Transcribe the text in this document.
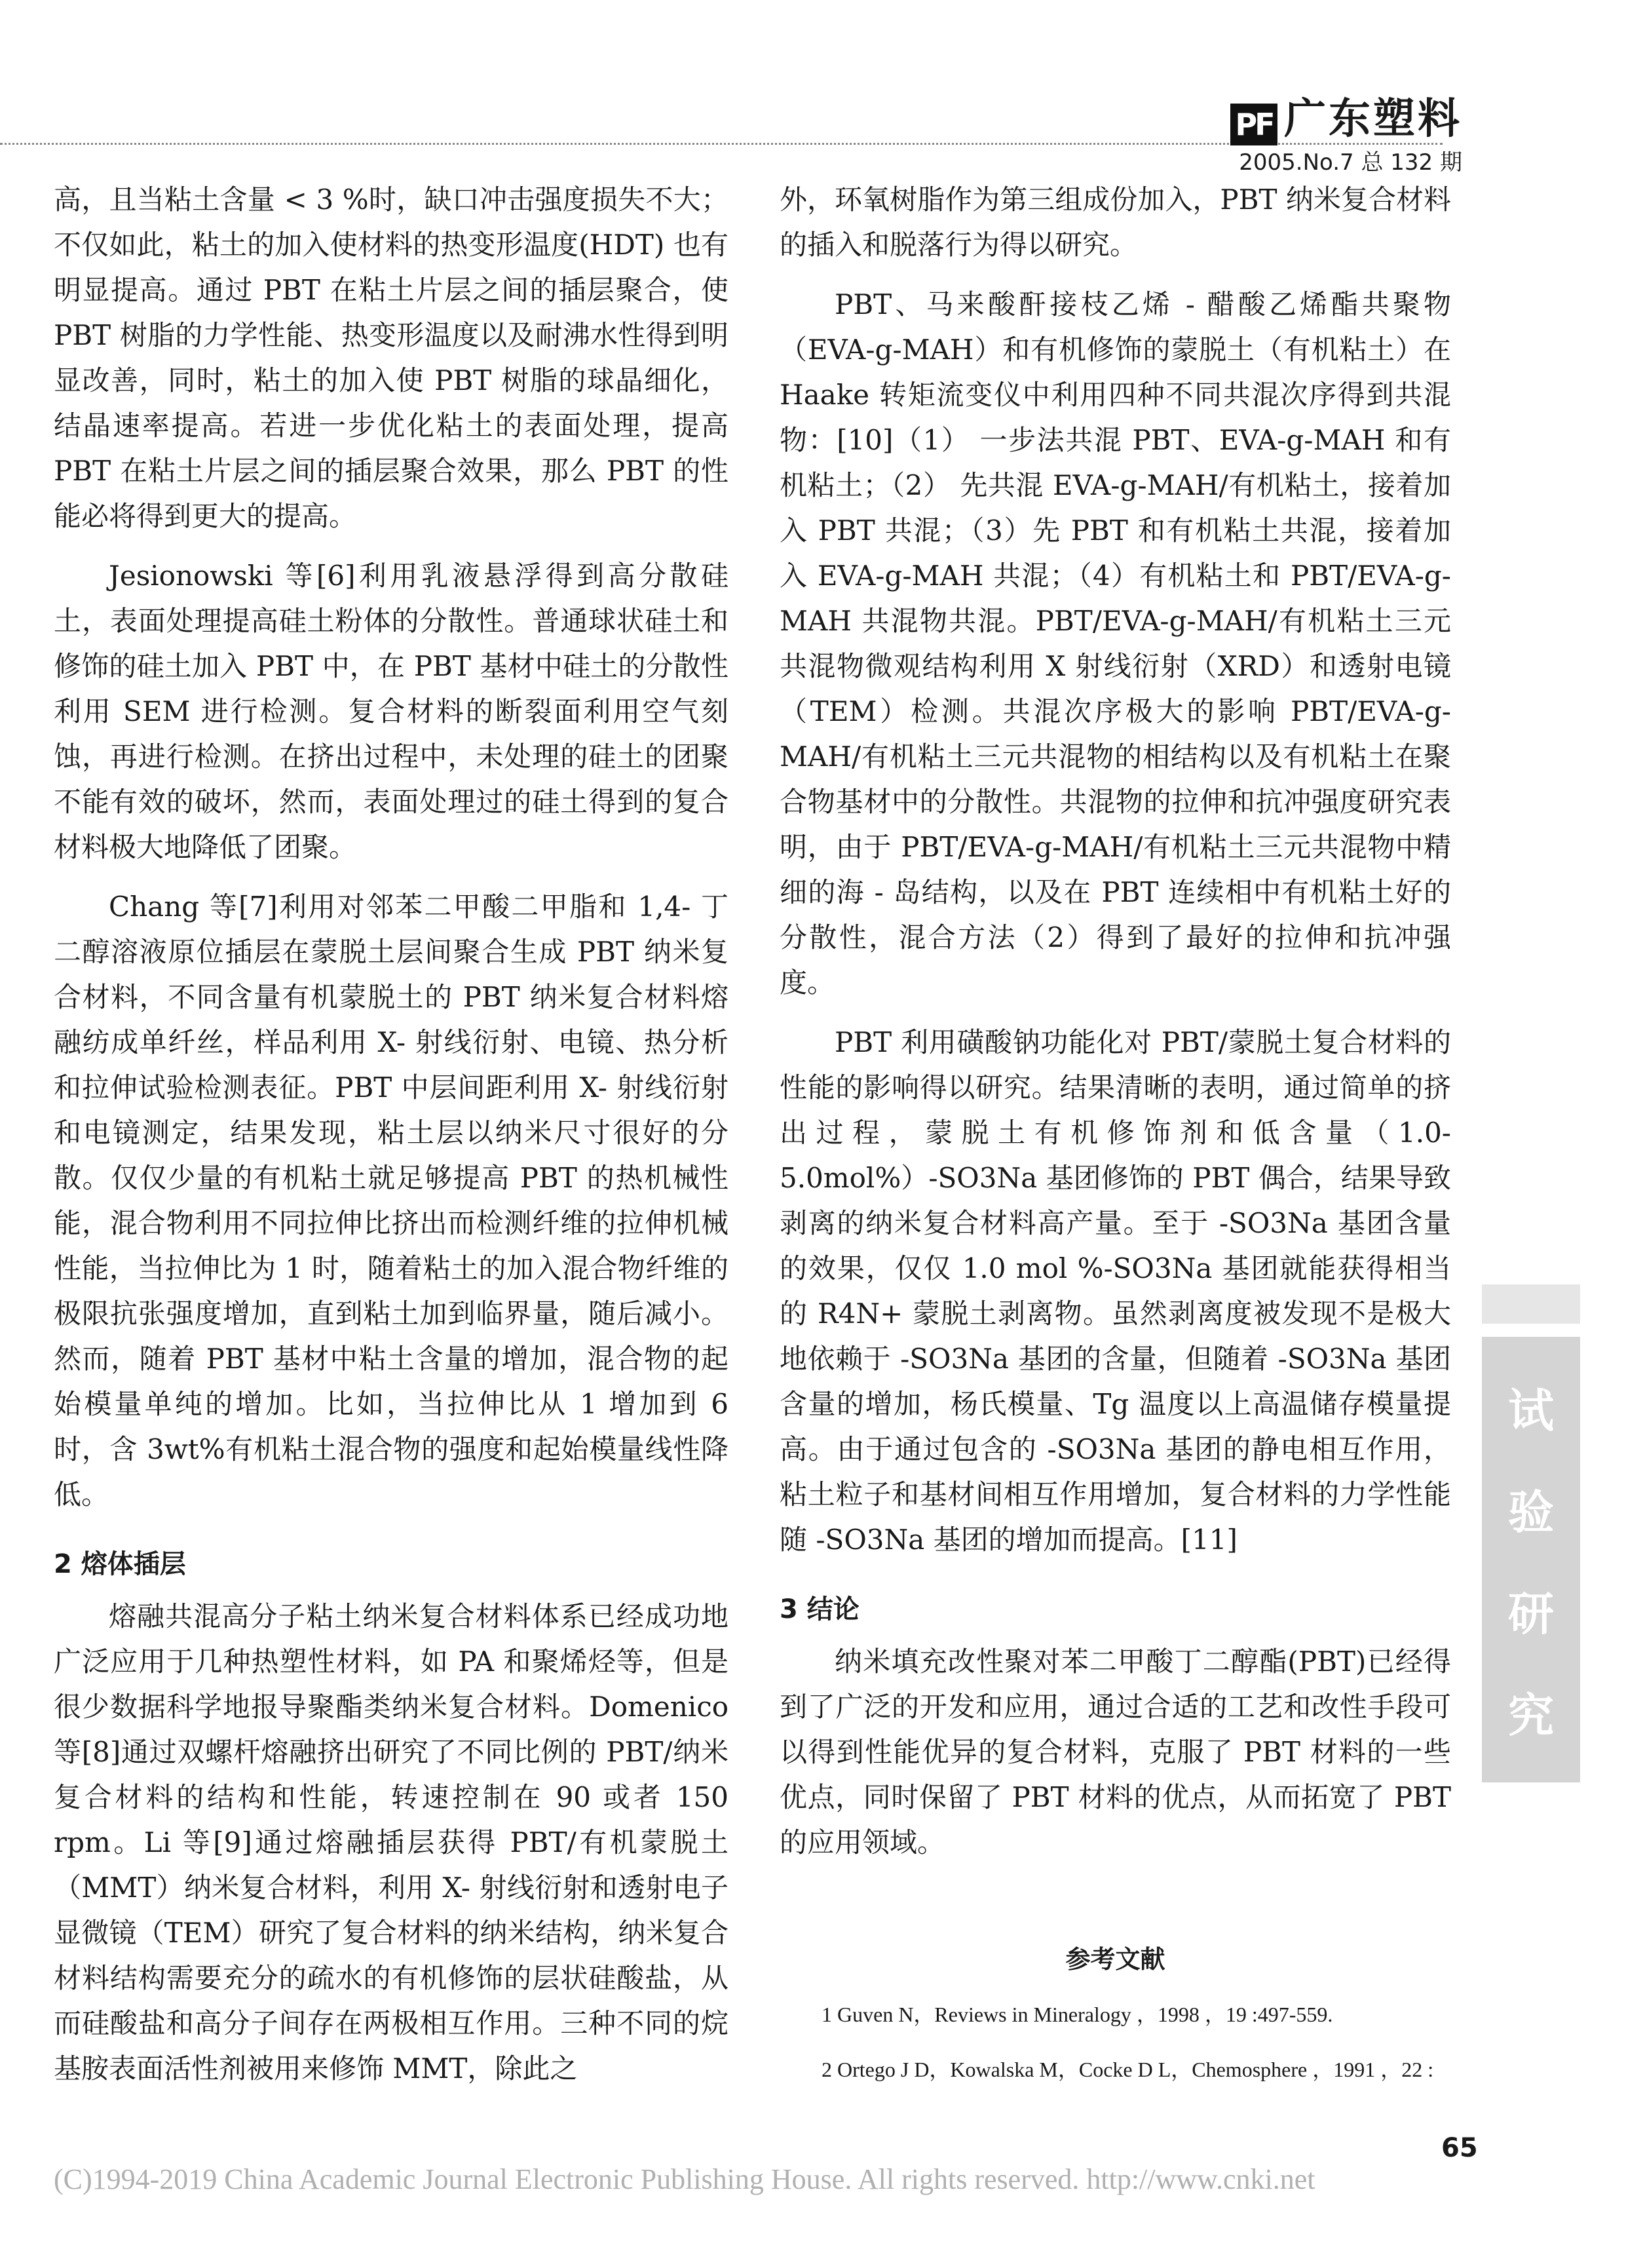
PF 广东塑料
2005.No.7 总 132 期

高，且当粘土含量 < 3 %时，缺口冲击强度损失不大；不仅如此，粘土的加入使材料的热变形温度(HDT) 也有明显提高。通过 PBT 在粘土片层之间的插层聚合，使 PBT 树脂的力学性能、热变形温度以及耐沸水性得到明显改善，同时，粘土的加入使 PBT 树脂的球晶细化，结晶速率提高。若进一步优化粘土的表面处理，提高 PBT 在粘土片层之间的插层聚合效果，那么 PBT 的性能必将得到更大的提高。

Jesionowski 等[6]利用乳液悬浮得到高分散硅土，表面处理提高硅土粉体的分散性。普通球状硅土和修饰的硅土加入 PBT 中，在 PBT 基材中硅土的分散性利用 SEM 进行检测。复合材料的断裂面利用空气刻蚀，再进行检测。在挤出过程中，未处理的硅土的团聚不能有效的破坏，然而，表面处理过的硅土得到的复合材料极大地降低了团聚。

Chang 等[7]利用对邻苯二甲酸二甲脂和 1,4- 丁二醇溶液原位插层在蒙脱土层间聚合生成 PBT 纳米复合材料，不同含量有机蒙脱土的 PBT 纳米复合材料熔融纺成单纤丝，样品利用 X- 射线衍射、电镜、热分析和拉伸试验检测表征。PBT 中层间距利用 X- 射线衍射和电镜测定，结果发现，粘土层以纳米尺寸很好的分散。仅仅少量的有机粘土就足够提高 PBT 的热机械性能，混合物利用不同拉伸比挤出而检测纤维的拉伸机械性能，当拉伸比为 1 时，随着粘土的加入混合物纤维的极限抗张强度增加，直到粘土加到临界量，随后减小。然而，随着 PBT 基材中粘土含量的增加，混合物的起始模量单纯的增加。比如，当拉伸比从 1 增加到 6 时，含 3wt%有机粘土混合物的强度和起始模量线性降低。

2 熔体插层

熔融共混高分子粘土纳米复合材料体系已经成功地广泛应用于几种热塑性材料，如 PA 和聚烯烃等，但是很少数据科学地报导聚酯类纳米复合材料。Domenico 等[8]通过双螺杆熔融挤出研究了不同比例的 PBT/纳米复合材料的结构和性能，转速控制在 90 或者 150 rpm。Li 等[9]通过熔融插层获得 PBT/有机蒙脱土（MMT）纳米复合材料，利用 X- 射线衍射和透射电子显微镜（TEM）研究了复合材料的纳米结构，纳米复合材料结构需要充分的疏水的有机修饰的层状硅酸盐，从而硅酸盐和高分子间存在两极相互作用。三种不同的烷基胺表面活性剂被用来修饰 MMT，除此之

外，环氧树脂作为第三组成份加入，PBT 纳米复合材料的插入和脱落行为得以研究。

PBT、马来酸酐接枝乙烯 - 醋酸乙烯酯共聚物（EVA-g-MAH）和有机修饰的蒙脱土（有机粘土）在 Haake 转矩流变仪中利用四种不同共混次序得到共混物：[10]（1） 一步法共混 PBT、EVA-g-MAH 和有机粘土；（2） 先共混 EVA-g-MAH/有机粘土，接着加入 PBT 共混；（3）先 PBT 和有机粘土共混，接着加入 EVA-g-MAH 共混；（4）有机粘土和 PBT/EVA-g-MAH 共混物共混。PBT/EVA-g-MAH/有机粘土三元共混物微观结构利用 X 射线衍射（XRD）和透射电镜（TEM）检测。共混次序极大的影响 PBT/EVA-g-MAH/有机粘土三元共混物的相结构以及有机粘土在聚合物基材中的分散性。共混物的拉伸和抗冲强度研究表明，由于 PBT/EVA-g-MAH/有机粘土三元共混物中精细的海 - 岛结构，以及在 PBT 连续相中有机粘土好的分散性，混合方法（2）得到了最好的拉伸和抗冲强度。

PBT 利用磺酸钠功能化对 PBT/蒙脱土复合材料的性能的影响得以研究。结果清晰的表明，通过简单的挤出过程，蒙脱土有机修饰剂和低含量（1.0-5.0mol%）-SO3Na 基团修饰的 PBT 偶合，结果导致剥离的纳米复合材料高产量。至于 -SO3Na 基团含量的效果，仅仅 1.0 mol %-SO3Na 基团就能获得相当的 R4N+ 蒙脱土剥离物。虽然剥离度被发现不是极大地依赖于 -SO3Na 基团的含量，但随着 -SO3Na 基团含量的增加，杨氏模量、Tg 温度以上高温储存模量提高。由于通过包含的 -SO3Na 基团的静电相互作用，粘土粒子和基材间相互作用增加，复合材料的力学性能随 -SO3Na 基团的增加而提高。[11]

3 结论

纳米填充改性聚对苯二甲酸丁二醇酯(PBT)已经得到了广泛的开发和应用，通过合适的工艺和改性手段可以得到性能优异的复合材料，克服了 PBT 材料的一些优点，同时保留了 PBT 材料的优点，从而拓宽了 PBT 的应用领域。

参考文献

1 Guven N，Reviews in Mineralogy ，1998 ，19 :497-559.

2 Ortego J D，Kowalska M，Cocke D L，Chemosphere ，1991 ，22 :

试
验
研
究
(C)1994-2019 China Academic Journal Electronic Publishing House. All rights reserved. http://www.cnki.net
65
